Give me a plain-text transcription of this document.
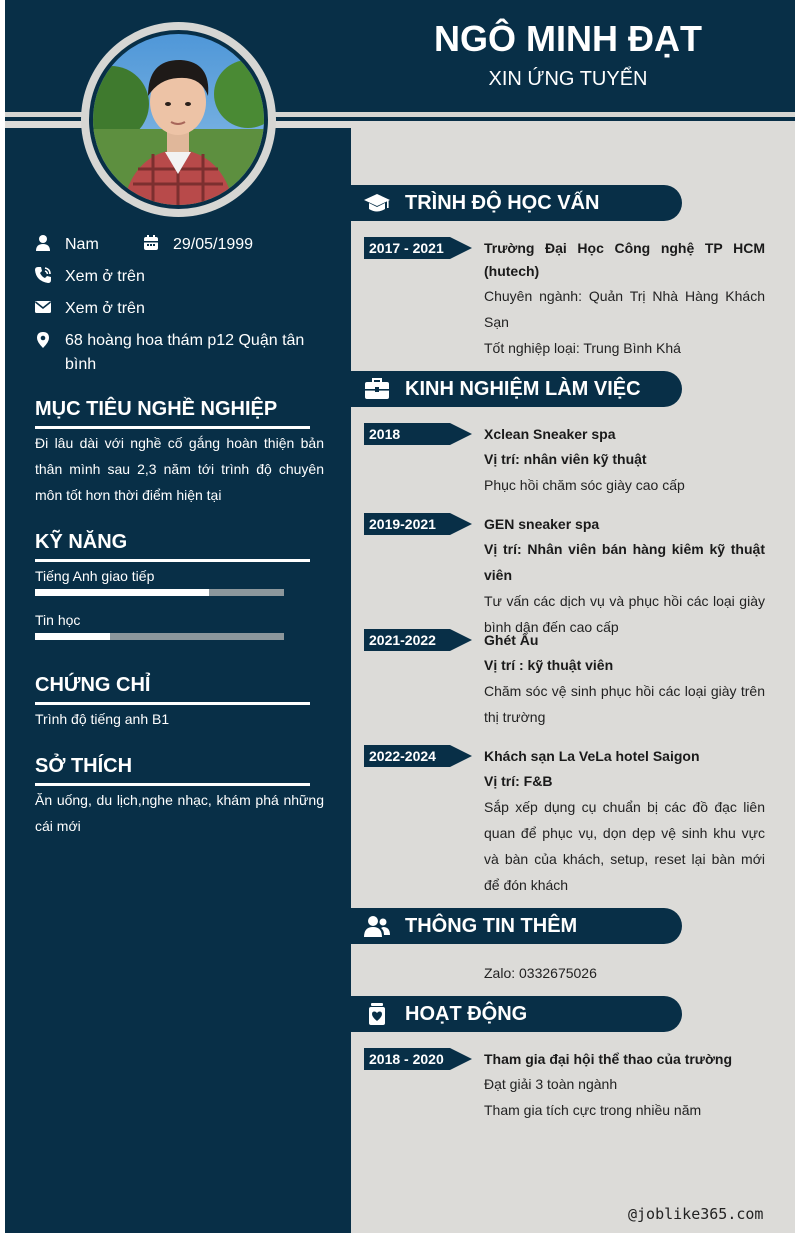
NGÔ MINH ĐẠT
XIN ỨNG TUYỂN
Nam	29/05/1999
Xem ở trên
Xem ở trên
68 hoàng hoa thám p12 Quận tân bình
MỤC TIÊU NGHỀ NGHIỆP
Đi lâu dài với nghề cố gắng hoàn thiện bản thân mình sau 2,3 năm tới trình độ chuyên môn tốt hơn thời điểm hiện tại
KỸ NĂNG
Tiếng Anh giao tiếp
Tin học
CHỨNG CHỈ
Trình độ tiếng anh B1
SỞ THÍCH
Ăn uống, du lịch,nghe nhạc, khám phá những cái mới
TRÌNH ĐỘ HỌC VẤN
2017 - 2021	Trường Đại Học Công nghệ TP HCM (hutech)
Chuyên ngành: Quản Trị Nhà Hàng Khách Sạn
Tốt nghiệp loại: Trung Bình Khá
KINH NGHIỆM LÀM VIỆC
2018	Xclean Sneaker spa
Vị trí: nhân viên kỹ thuật
Phục hồi chăm sóc giày cao cấp
2019-2021	GEN sneaker spa
Vị trí: Nhân viên bán hàng kiêm kỹ thuật viên
Tư vấn các dịch vụ và phục hồi các loại giày bình dân đến cao cấp
2021-2022	Ghét Ẩu
Vị trí : kỹ thuật viên
Chăm sóc vệ sinh phục hồi các loại giày trên thị trường
2022-2024	Khách sạn La VeLa hotel Saigon
Vị trí: F&B
Sắp xếp dụng cụ chuẩn bị các đồ đạc liên quan để phục vụ, dọn dẹp vệ sinh khu vực và bàn của khách, setup, reset lại bàn mới để đón khách
THÔNG TIN THÊM
Zalo: 0332675026
HOẠT ĐỘNG
2018 - 2020	Tham gia đại hội thể thao của trường
Đạt giải 3 toàn ngành
Tham gia tích cực trong nhiều năm
@joblike365.com
